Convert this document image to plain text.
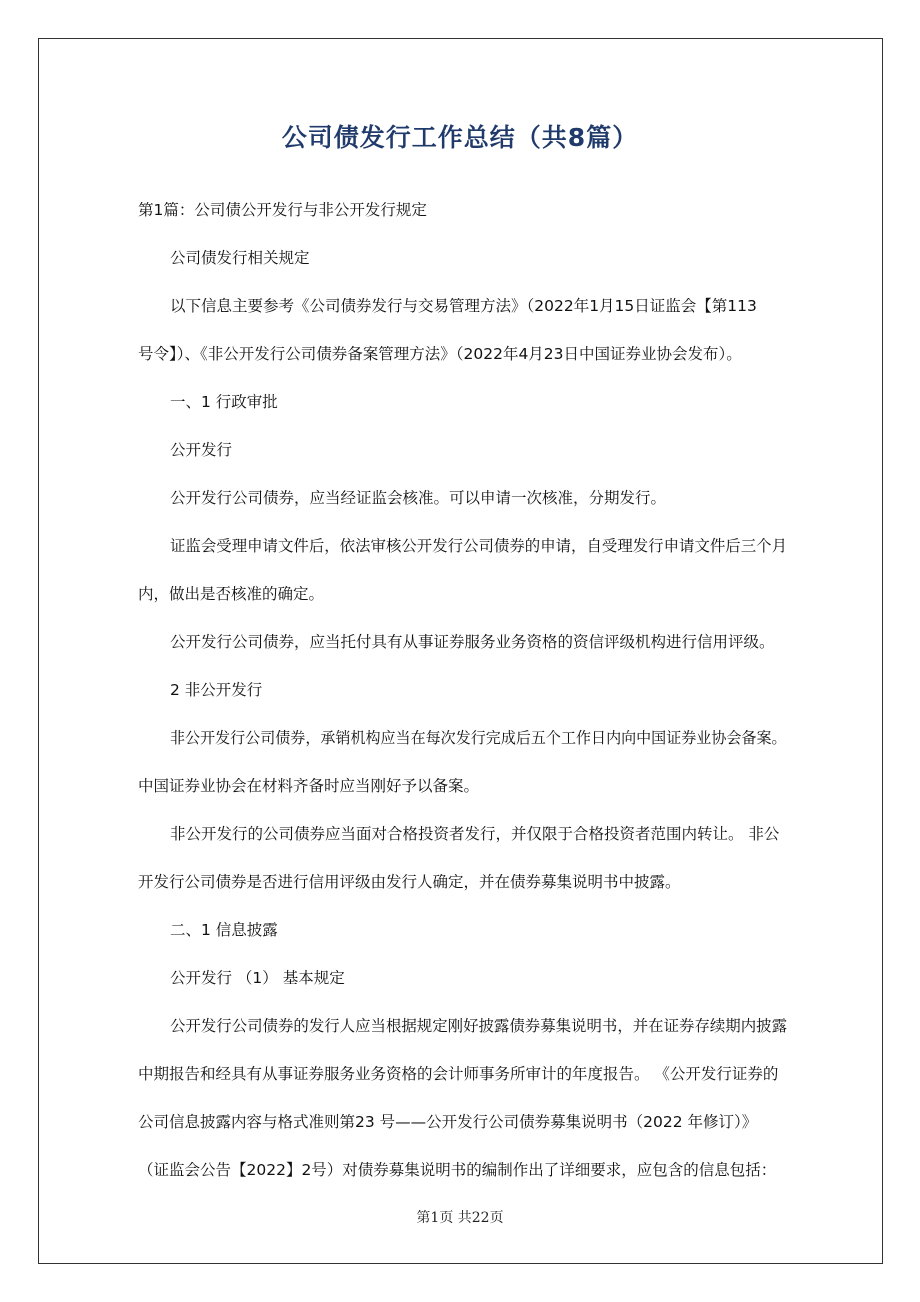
公司债发行工作总结（共8篇）
第1篇：公司债公开发行与非公开发行规定
公司债发行相关规定
以下信息主要参考《公司债券发行与交易管理方法》（2022年1月15日证监会【第113
号令】）、《非公开发行公司债券备案管理方法》（2022年4月23日中国证券业协会发布）。
一、1 行政审批
公开发行
公开发行公司债券，应当经证监会核准。可以申请一次核准，分期发行。
证监会受理申请文件后，依法审核公开发行公司债券的申请，自受理发行申请文件后三个月
内，做出是否核准的确定。
公开发行公司债券，应当托付具有从事证券服务业务资格的资信评级机构进行信用评级。
2 非公开发行
非公开发行公司债券，承销机构应当在每次发行完成后五个工作日内向中国证券业协会备案。
中国证券业协会在材料齐备时应当刚好予以备案。
非公开发行的公司债券应当面对合格投资者发行，并仅限于合格投资者范围内转让。 非公
开发行公司债券是否进行信用评级由发行人确定，并在债券募集说明书中披露。
二、1 信息披露
公开发行 （1） 基本规定
公开发行公司债券的发行人应当根据规定刚好披露债券募集说明书，并在证券存续期内披露
中期报告和经具有从事证券服务业务资格的会计师事务所审计的年度报告。 《公开发行证券的
公司信息披露内容与格式准则第23 号——公开发行公司债券募集说明书（2022 年修订）》
（证监会公告【2022】2号）对债券募集说明书的编制作出了详细要求，应包含的信息包括：
第1页 共22页
